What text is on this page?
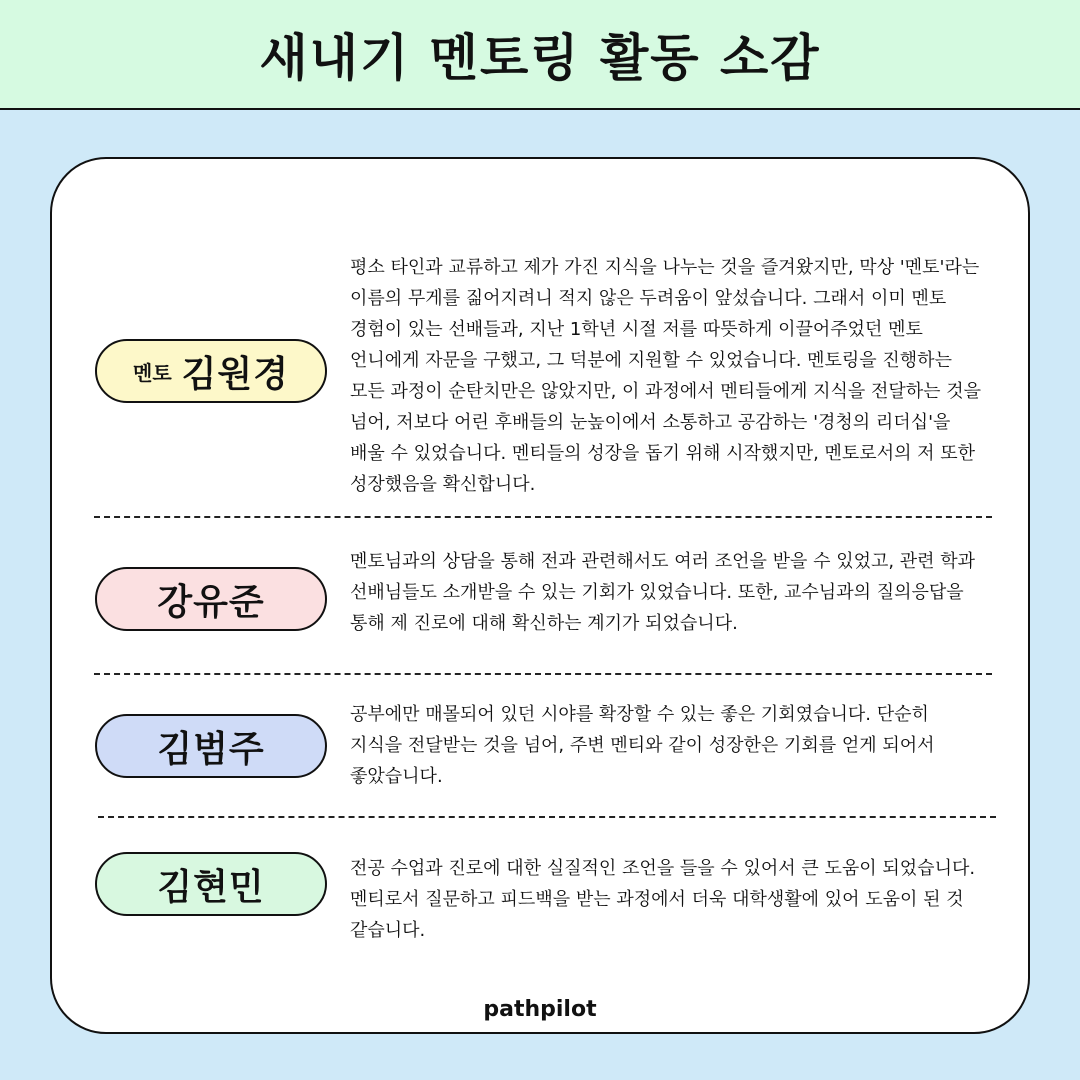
새내기 멘토링 활동 소감
멘토 김원경

평소 타인과 교류하고 제가 가진 지식을 나누는 것을 즐겨왔지만, 막상 '멘토'라는 이름의 무게를 짊어지려니 적지 않은 두려움이 앞섰습니다. 그래서 이미 멘토 경험이 있는 선배들과, 지난 1학년 시절 저를 따뜻하게 이끌어주었던 멘토 언니에게 자문을 구했고, 그 덕분에 지원할 수 있었습니다. 멘토링을 진행하는 모든 과정이 순탄치만은 않았지만, 이 과정에서 멘티들에게 지식을 전달하는 것을 넘어, 저보다 어린 후배들의 눈높이에서 소통하고 공감하는 '경청의 리더십'을 배울 수 있었습니다. 멘티들의 성장을 돕기 위해 시작했지만, 멘토로서의 저 또한 성장했음을 확신합니다.

강유준

멘토님과의 상담을 통해 전과 관련해서도 여러 조언을 받을 수 있었고, 관련 학과 선배님들도 소개받을 수 있는 기회가 있었습니다. 또한, 교수님과의 질의응답을 통해 제 진로에 대해 확신하는 계기가 되었습니다.

김범주

공부에만 매몰되어 있던 시야를 확장할 수 있는 좋은 기회였습니다. 단순히 지식을 전달받는 것을 넘어, 주변 멘티와 같이 성장한은 기회를 얻게 되어서 좋았습니다.

김현민	전공 수업과 진로에 대한 실질적인 조언을 들을 수 있어서 큰 도움이 되었습니다. 멘티로서 질문하고 피드백을 받는 과정에서 더욱 대학생활에 있어 도움이 된 것 같습니다.

pathpilot
